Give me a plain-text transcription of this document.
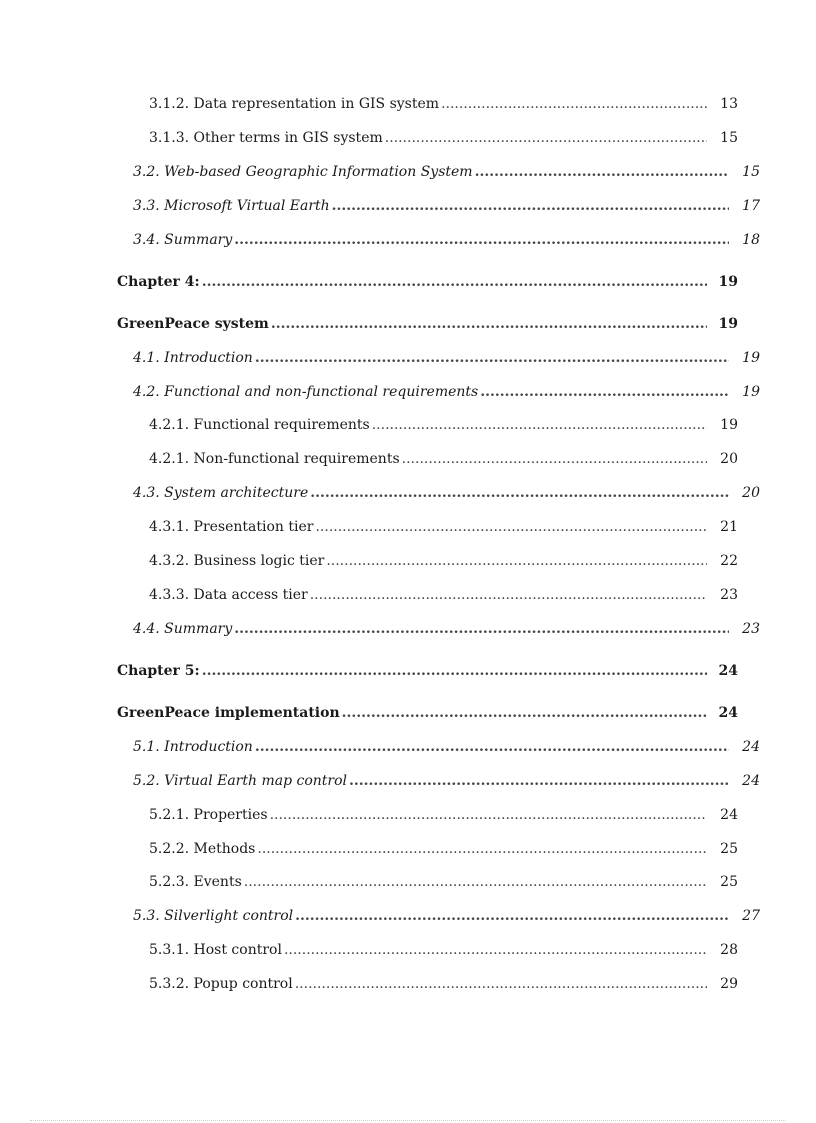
3.1.2. Data representation in GIS system .....	13
3.1.3. Other terms in GIS system .....	15
3.2. Web-based Geographic Information System .....	15
3.3. Microsoft Virtual Earth .....	17
3.4. Summary .....	18
Chapter 4: .....	19
GreenPeace system .....	19
4.1. Introduction .....	19
4.2. Functional and non-functional requirements .....	19
4.2.1. Functional requirements .....	19
4.2.1. Non-functional requirements .....	20
4.3. System architecture .....	20
4.3.1. Presentation tier .....	21
4.3.2. Business logic tier .....	22
4.3.3. Data access tier .....	23
4.4. Summary .....	23
Chapter 5: .....	24
GreenPeace implementation .....	24
5.1. Introduction .....	24
5.2. Virtual Earth map control .....	24
5.2.1. Properties .....	24
5.2.2. Methods .....	25
5.2.3. Events .....	25
5.3. Silverlight control .....	27
5.3.1. Host control .....	28
5.3.2. Popup control .....	29
